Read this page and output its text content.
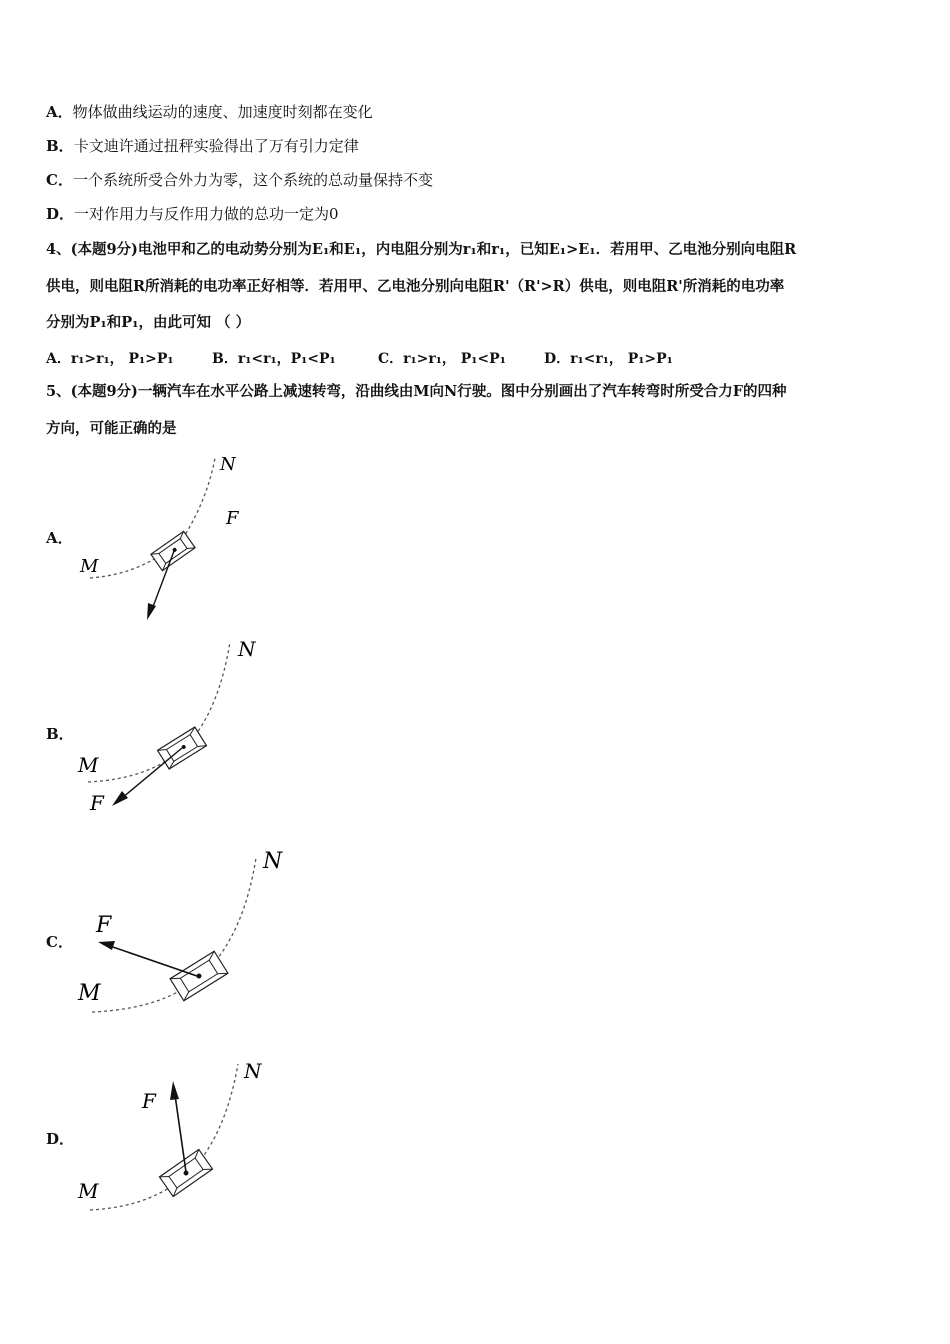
A．物体做曲线运动的速度、加速度时刻都在变化
B．卡文迪许通过扭秤实验得出了万有引力定律
C．一个系统所受合外力为零，这个系统的总动量保持不变
D．一对作用力与反作用力做的总功一定为0
4、(本题9分)电池甲和乙的电动势分别为E₁和E₁，内电阻分别为r₁和r₁，已知E₁>E₁．若用甲、乙电池分别向电阻R
供电，则电阻R所消耗的电功率正好相等．若用甲、乙电池分别向电阻R'（R'>R）供电，则电阻R'所消耗的电功率
分别为P₁和P₁，由此可知 （ ）
A．r₁>r₁， P₁>P₁	B．r₁<r₁，P₁<P₁	C．r₁>r₁， P₁<P₁	D．r₁<r₁， P₁>P₁
5、(本题9分)一辆汽车在水平公路上减速转弯，沿曲线由M向N行驶。图中分别画出了汽车转弯时所受合力F的四种
方向，可能正确的是
A．
N
F
M
B．
N
M
F
C．
N
F
M
D．
N
F
M
